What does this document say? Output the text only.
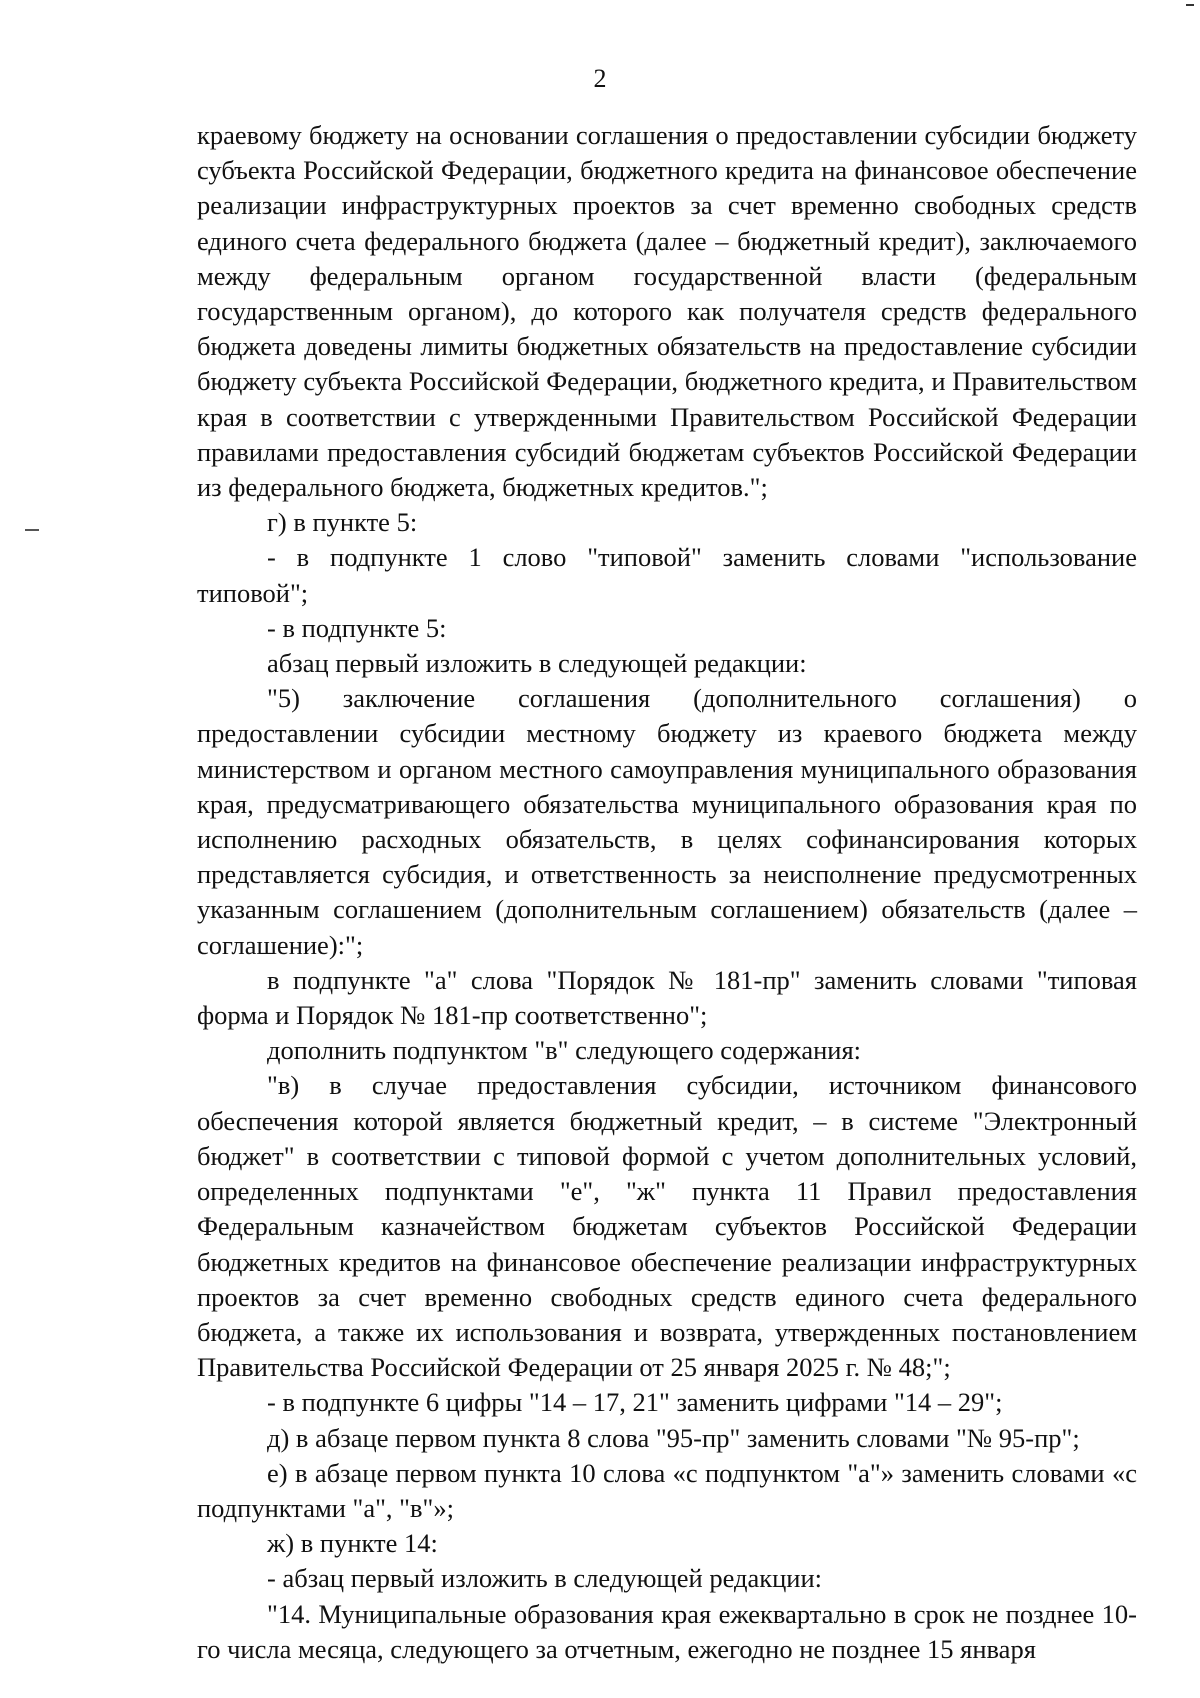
2

краевому бюджету на основании соглашения о предоставлении субсидии бюджету субъекта Российской Федерации, бюджетного кредита на финансовое обеспечение реализации инфраструктурных проектов за счет временно свободных средств единого счета федерального бюджета (далее – бюджетный кредит), заключаемого между федеральным органом государственной власти (федеральным государственным органом), до которого как получателя средств федерального бюджета доведены лимиты бюджетных обязательств на предоставление субсидии бюджету субъекта Российской Федерации, бюджетного кредита, и Правительством края в соответствии с утвержденными Правительством Российской Федерации правилами предоставления субсидий бюджетам субъектов Российской Федерации из федерального бюджета, бюджетных кредитов.";

г) в пункте 5:

- в подпункте 1 слово "типовой" заменить словами "использование типовой";

- в подпункте 5:

абзац первый изложить в следующей редакции:

"5) заключение соглашения (дополнительного соглашения) о предоставлении субсидии местному бюджету из краевого бюджета между министерством и органом местного самоуправления муниципального образования края, предусматривающего обязательства муниципального образования края по исполнению расходных обязательств, в целях софинансирования которых представляется субсидия, и ответственность за неисполнение предусмотренных указанным соглашением (дополнительным соглашением) обязательств (далее – соглашение):";

в подпункте "а" слова "Порядок № 181-пр" заменить словами "типовая форма и Порядок № 181-пр соответственно";

дополнить подпунктом "в" следующего содержания:

"в) в случае предоставления субсидии, источником финансового обеспечения которой является бюджетный кредит, – в системе "Электронный бюджет" в соответствии с типовой формой с учетом дополнительных условий, определенных подпунктами "е", "ж" пункта 11 Правил предоставления Федеральным казначейством бюджетам субъектов Российской Федерации бюджетных кредитов на финансовое обеспечение реализации инфраструктурных проектов за счет временно свободных средств единого счета федерального бюджета, а также их использования и возврата, утвержденных постановлением Правительства Российской Федерации от 25 января 2025 г. № 48;";

- в подпункте 6 цифры "14 – 17, 21" заменить цифрами "14 – 29";

д) в абзаце первом пункта 8 слова "95-пр" заменить словами "№ 95-пр";

е) в абзаце первом пункта 10 слова «с подпунктом "а"» заменить словами «с подпунктами "а", "в"»;

ж) в пункте 14:

- абзац первый изложить в следующей редакции:

"14. Муниципальные образования края ежеквартально в срок не позднее 10-го числа месяца, следующего за отчетным, ежегодно не позднее 15 января
